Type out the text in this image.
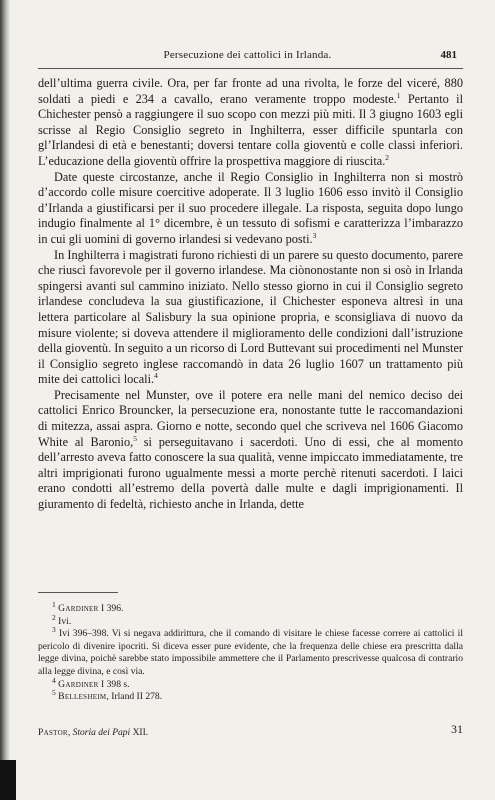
Persecuzione dei cattolici in Irlanda.	481

dell’ultima guerra civile. Ora, per far fronte ad una rivolta, le forze del viceré, 880 soldati a piedi e 234 a cavallo, erano veramente troppo modeste.$^1$ Pertanto il Chichester pensò a raggiungere il suo scopo con mezzi più miti. Il 3 giugno 1603 egli scrisse al Regio Consiglio segreto in Inghilterra, esser difficile spuntarla con gl’Irlandesi di età e benestanti; doversi tentare colla gioventù e colle classi inferiori. L’educazione della gioventù offrire la prospettiva maggiore di riuscita.$^2$

Date queste circostanze, anche il Regio Consiglio in Inghilterra non si mostrò d’accordo colle misure coercitive adoperate. Il 3 luglio 1606 esso invitò il Consiglio d’Irlanda a giustificarsi per il suo procedere illegale. La risposta, seguita dopo lungo indugio finalmente al 1° dicembre, è un tessuto di sofismi e caratterizza l’imbarazzo in cui gli uomini di governo irlandesi si vedevano posti.$^3$

In Inghilterra i magistrati furono richiesti di un parere su questo documento, parere che riuscì favorevole per il governo irlandese. Ma ciònonostante non si osò in Irlanda spingersi avanti sul cammino iniziato. Nello stesso giorno in cui il Consiglio segreto irlandese concludeva la sua giustificazione, il Chichester esponeva altresì in una lettera particolare al Salisbury la sua opinione propria, e sconsigliava di nuovo da misure violente; si doveva attendere il miglioramento delle condizioni dall’istruzione della gioventù. In seguito a un ricorso di Lord Buttevant sui procedimenti nel Munster il Consiglio segreto inglese raccomandò in data 26 luglio 1607 un trattamento più mite dei cattolici locali.$^4$

Precisamente nel Munster, ove il potere era nelle mani del nemico deciso dei cattolici Enrico Brouncker, la persecuzione era, nonostante tutte le raccomandazioni di mitezza, assai aspra. Giorno e notte, secondo quel che scriveva nel 1606 Giacomo White al Baronio,$^5$ si perseguitavano i sacerdoti. Uno di essi, che al momento dell’arresto aveva fatto conoscere la sua qualità, venne impiccato immediatamente, tre altri imprigionati furono ugualmente messi a morte perchè ritenuti sacerdoti. I laici erano condotti all’estremo della povertà dalle multe e dagli imprigionamenti. Il giuramento di fedeltà, richiesto anche in Irlanda, dette

$^1$ Gardiner I 396.

$^2$ Ivi.

$^3$ Ivi 396–398. Vi si negava addirittura, che il comando di visitare le chiese facesse correre ai cattolici il pericolo di divenire ipocriti. Si diceva esser pure evidente, che la frequenza delle chiese era prescritta dalla legge divina, poichè sarebbe stato impossibile ammettere che il Parlamento prescrivesse qualcosa di contrario alla legge divina, e così via.

$^4$ Gardiner I 398 s.

$^5$ Bellesheim, Irland II 278.

Pastor, Storia dei Papi XII.	31
